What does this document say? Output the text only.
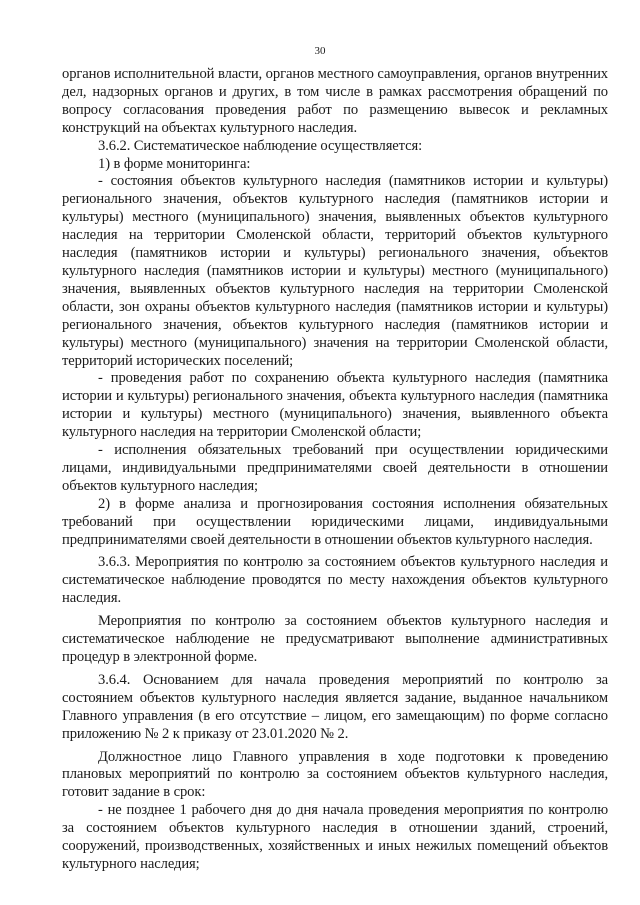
30

органов исполнительной власти, органов местного самоуправления, органов внутренних дел, надзорных органов и других, в том числе в рамках рассмотрения обращений по вопросу согласования проведения работ по размещению вывесок и рекламных конструкций на объектах культурного наследия.

3.6.2. Систематическое наблюдение осуществляется:

1) в форме мониторинга:

- состояния объектов культурного наследия (памятников истории и культуры) регионального значения, объектов культурного наследия (памятников истории и культуры) местного (муниципального) значения, выявленных объектов культурного наследия на территории Смоленской области, территорий объектов культурного наследия (памятников истории и культуры) регионального значения, объектов культурного наследия (памятников истории и культуры) местного (муниципального) значения, выявленных объектов культурного наследия на территории Смоленской области, зон охраны объектов культурного наследия (памятников истории и культуры) регионального значения, объектов культурного наследия (памятников истории и культуры) местного (муниципального) значения на территории Смоленской области, территорий исторических поселений;

- проведения работ по сохранению объекта культурного наследия (памятника истории и культуры) регионального значения, объекта культурного наследия (памятника истории и культуры) местного (муниципального) значения, выявленного объекта культурного наследия на территории Смоленской области;

- исполнения обязательных требований при осуществлении юридическими лицами, индивидуальными предпринимателями своей деятельности в отношении объектов культурного наследия;

2) в форме анализа и прогнозирования состояния исполнения обязательных требований при осуществлении юридическими лицами, индивидуальными предпринимателями своей деятельности в отношении объектов культурного наследия.

3.6.3. Мероприятия по контролю за состоянием объектов культурного наследия и систематическое наблюдение проводятся по месту нахождения объектов культурного наследия.

Мероприятия по контролю за состоянием объектов культурного наследия и систематическое наблюдение не предусматривают выполнение административных процедур в электронной форме.

3.6.4. Основанием для начала проведения мероприятий по контролю за состоянием объектов культурного наследия является задание, выданное начальником Главного управления (в его отсутствие – лицом, его замещающим) по форме согласно приложению № 2 к приказу от 23.01.2020 № 2.

Должностное лицо Главного управления в ходе подготовки к проведению плановых мероприятий по контролю за состоянием объектов культурного наследия, готовит задание в срок:

- не позднее 1 рабочего дня до дня начала проведения мероприятия по контролю за состоянием объектов культурного наследия в отношении зданий, строений, сооружений, производственных, хозяйственных и иных нежилых помещений объектов культурного наследия;
